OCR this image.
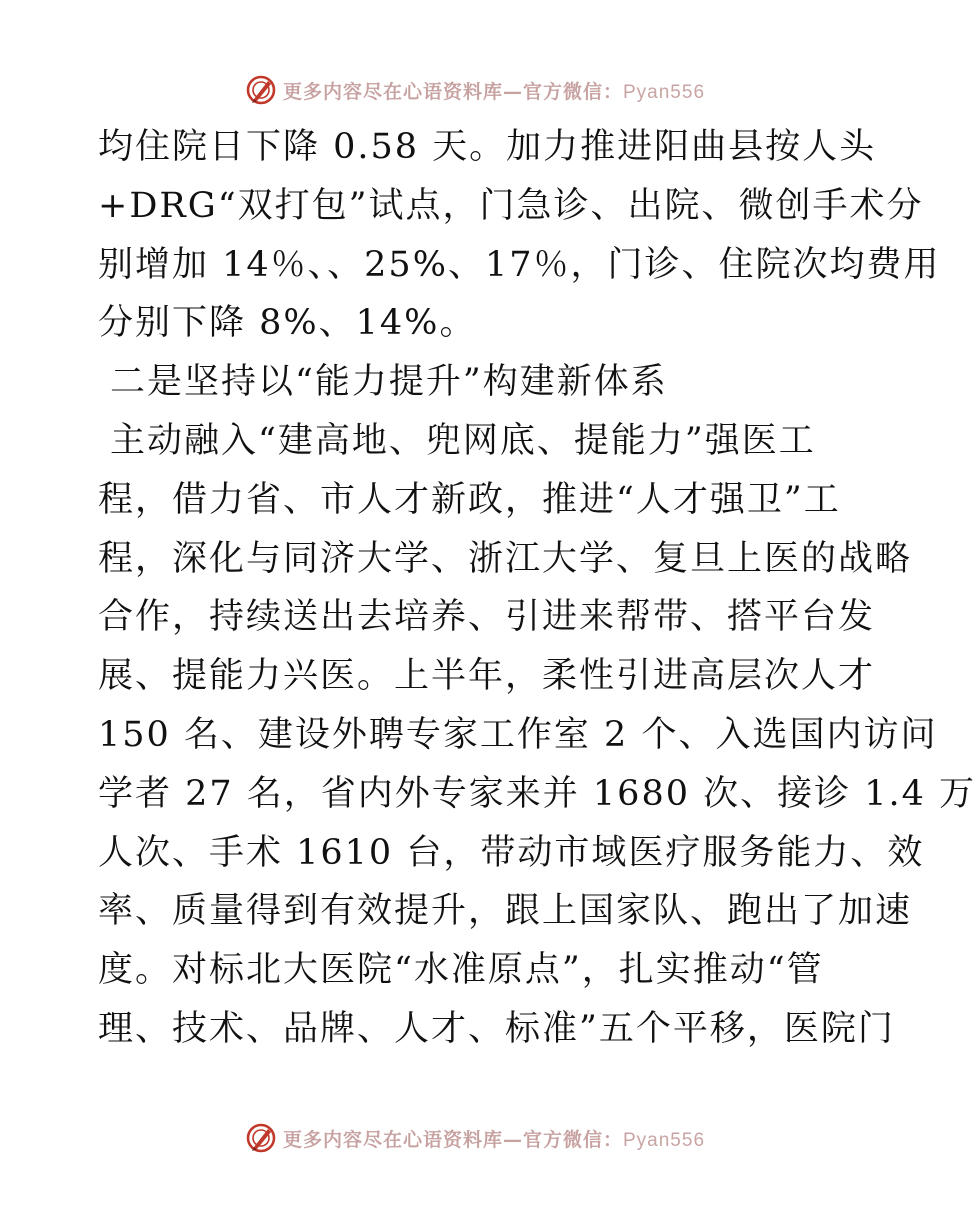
更多内容尽在心语资料库—官方微信：Pyan556
均住院日下降 0.58 天。加力推进阳曲县按人头
+DRG“双打包”试点，门急诊、出院、微创手术分
别增加 14％、、25%、17％，门诊、住院次均费用
分别下降 8%、14%。
二是坚持以“能力提升”构建新体系
主动融入“建高地、兜网底、提能力”强医工
程，借力省、市人才新政，推进“人才强卫”工
程，深化与同济大学、浙江大学、复旦上医的战略
合作，持续送出去培养、引进来帮带、搭平台发
展、提能力兴医。上半年，柔性引进高层次人才
150 名、建设外聘专家工作室 2 个、入选国内访问
学者 27 名，省内外专家来并 1680 次、接诊 1.4 万
人次、手术 1610 台，带动市域医疗服务能力、效
率、质量得到有效提升，跟上国家队、跑出了加速
度。对标北大医院“水准原点”，扎实推动“管
理、技术、品牌、人才、标准”五个平移，医院门
更多内容尽在心语资料库—官方微信：Pyan556
